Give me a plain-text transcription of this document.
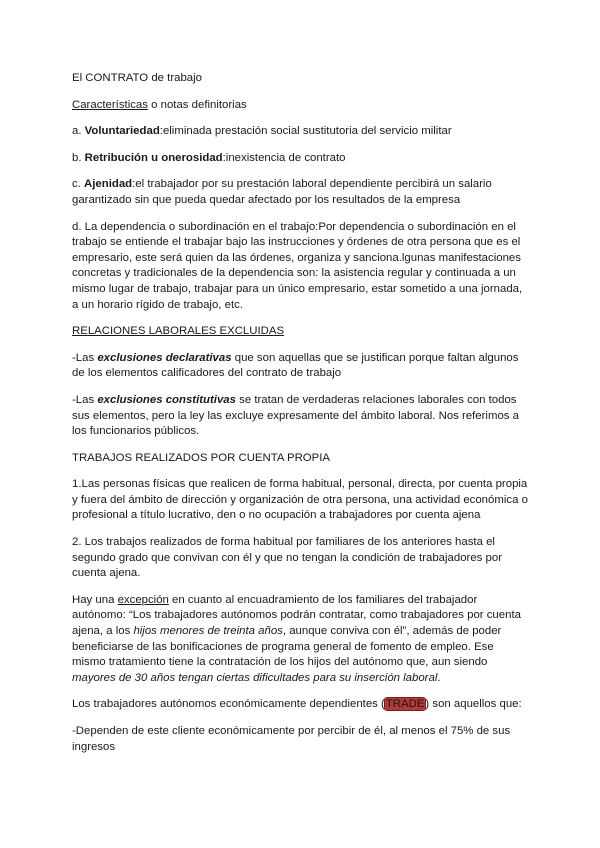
El CONTRATO de trabajo

Características o notas definitorias

a. Voluntariedad:eliminada prestación social sustitutoria del servicio militar

b. Retribución u onerosidad:inexistencia de contrato

c. Ajenidad:el trabajador por su prestación laboral dependiente percibirá un salario garantizado sin que pueda quedar afectado por los resultados de la empresa

d. La dependencia o subordinación en el trabajo:Por dependencia o subordinación en el trabajo se entiende el trabajar bajo las instrucciones y órdenes de otra persona que es el empresario, este será quien da las órdenes, organiza y sanciona.lgunas manifestaciones concretas y tradicionales de la dependencia son: la asistencia regular y continuada a un mismo lugar de trabajo, trabajar para un único empresario, estar sometido a una jornada, a un horario rígido de trabajo, etc.

RELACIONES LABORALES EXCLUIDAS

-Las exclusiones declarativas que son aquellas que se justifican porque faltan algunos de los elementos calificadores del contrato de trabajo

-Las exclusiones constitutivas se tratan de verdaderas relaciones laborales con todos sus elementos, pero la ley las excluye expresamente del ámbito laboral. Nos referimos a los funcionarios públicos.

TRABAJOS REALIZADOS POR CUENTA PROPIA

1.Las personas físicas que realicen de forma habitual, personal, directa, por cuenta propia y fuera del ámbito de dirección y organización de otra persona, una actividad económica o profesional a título lucrativo, den o no ocupación a trabajadores por cuenta ajena

2. Los trabajos realizados de forma habitual por familiares de los anteriores hasta el segundo grado que convivan con él y que no tengan la condición de trabajadores por cuenta ajena.

Hay una excepción en cuanto al encuadramiento de los familiares del trabajador autónomo: “Los trabajadores autónomos podrán contratar, como trabajadores por cuenta ajena, a los hijos menores de treinta años, aunque conviva con él”, además de poder beneficiarse de las bonificaciones de programa general de fomento de empleo. Ese mismo tratamiento tiene la contratación de los hijos del autónomo que, aun siendo mayores de 30 años tengan ciertas dificultades para su inserción laboral.

Los trabajadores autónomos económicamente dependientes (TRADE) son aquellos que:

-Dependen de este cliente económicamente por percibir de él, al menos el 75% de sus ingresos
